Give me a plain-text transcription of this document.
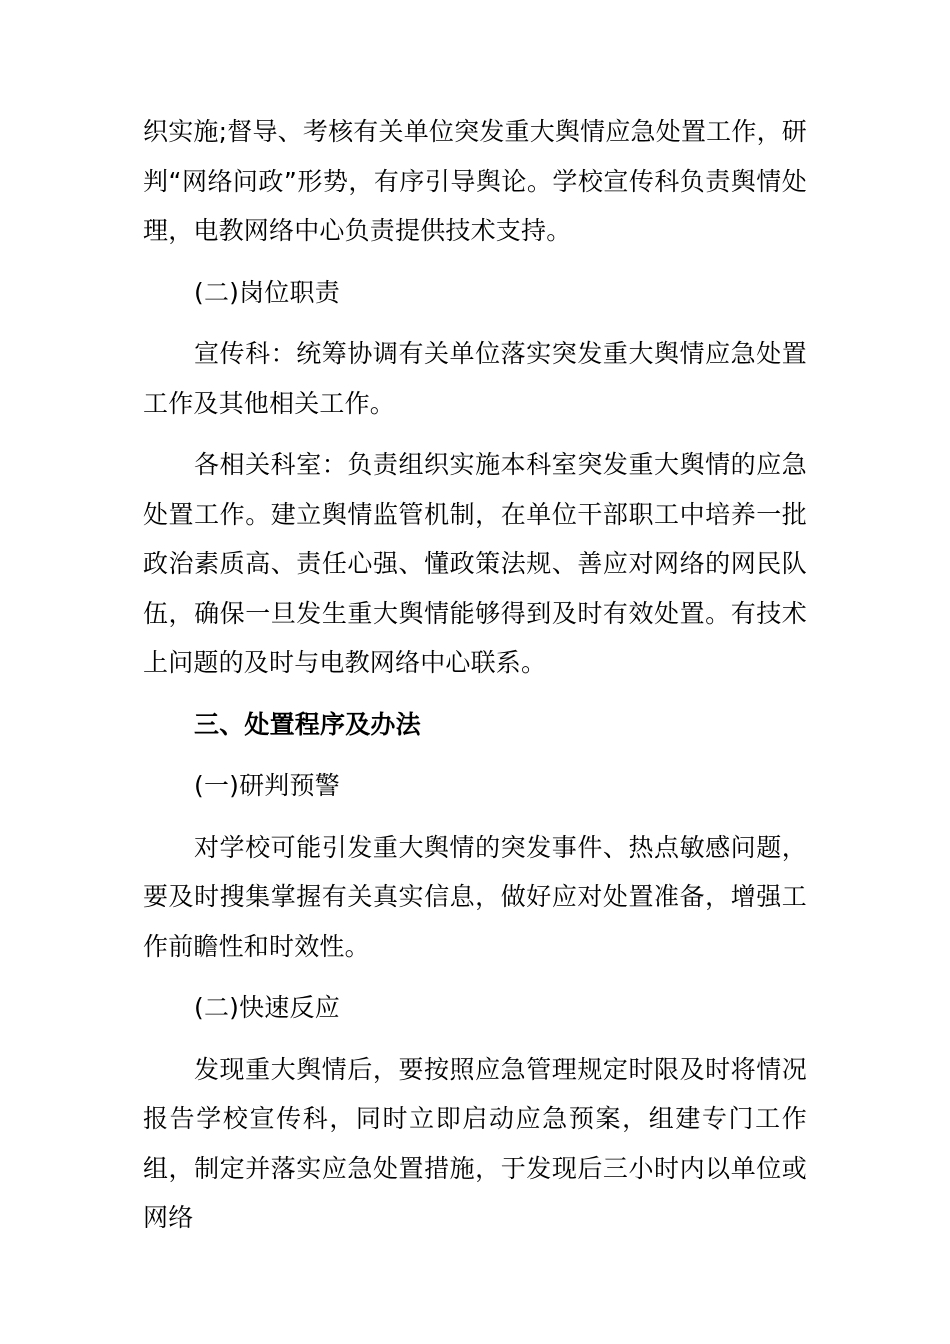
织实施;督导、考核有关单位突发重大舆情应急处置工作，研判“网络问政”形势，有序引导舆论。学校宣传科负责舆情处理，电教网络中心负责提供技术支持。

(二)岗位职责

宣传科：统筹协调有关单位落实突发重大舆情应急处置工作及其他相关工作。

各相关科室：负责组织实施本科室突发重大舆情的应急处置工作。建立舆情监管机制，在单位干部职工中培养一批政治素质高、责任心强、懂政策法规、善应对网络的网民队伍，确保一旦发生重大舆情能够得到及时有效处置。有技术上问题的及时与电教网络中心联系。

三、处置程序及办法

(一)研判预警

对学校可能引发重大舆情的突发事件、热点敏感问题，要及时搜集掌握有关真实信息，做好应对处置准备，增强工作前瞻性和时效性。

(二)快速反应

发现重大舆情后，要按照应急管理规定时限及时将情况报告学校宣传科，同时立即启动应急预案，组建专门工作组，制定并落实应急处置措施，于发现后三小时内以单位或网络
